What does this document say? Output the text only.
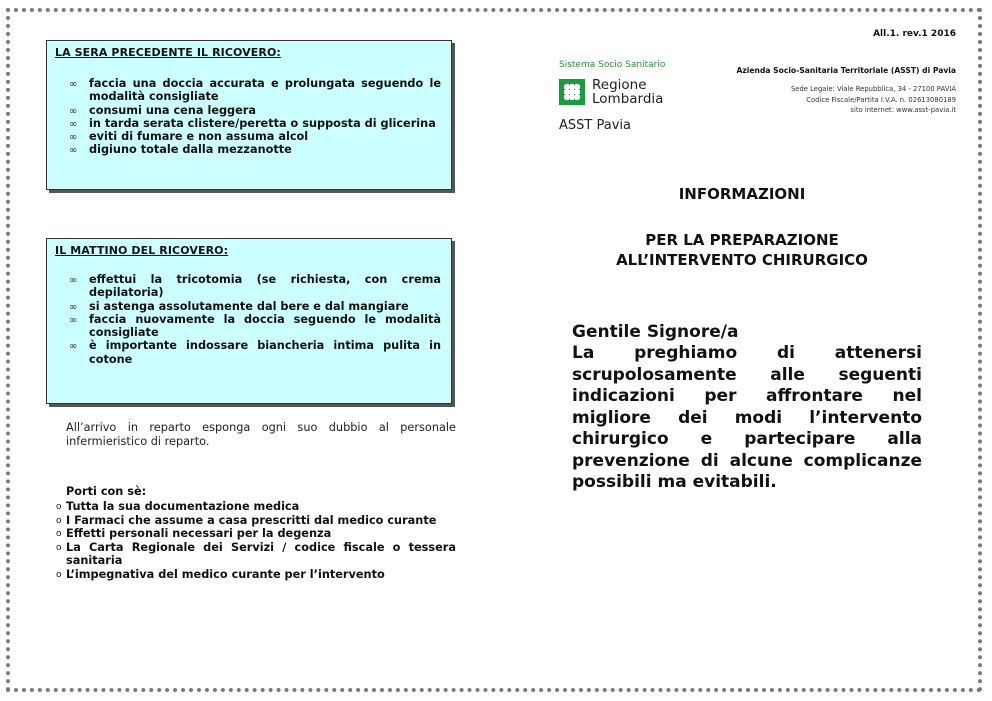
LA SERA PRECEDENTE IL RICOVERO:
∞ faccia una doccia accurata e prolungata seguendo le modalità consigliate
∞ consumi una cena leggera
∞ in tarda serata clistere/peretta o supposta di glicerina
∞ eviti di fumare e non assuma alcol
∞ digiuno totale dalla mezzanotte
IL MATTINO DEL RICOVERO:
∞ effettui la tricotomia (se richiesta, con crema depilatoria)
∞ si astenga assolutamente dal bere e dal mangiare
∞ faccia nuovamente la doccia seguendo le modalità consigliate
∞ è importante indossare biancheria intima pulita in cotone
All’arrivo in reparto esponga ogni suo dubbio al personale infermieristico di reparto.
Porti con sè:
o Tutta la sua documentazione medica
o I Farmaci che assume a casa prescritti dal medico curante
o Effetti personali necessari per la degenza
o La Carta Regionale dei Servizi / codice fiscale o tessera sanitaria
o L’impegnativa del medico curante per l’intervento
All.1. rev.1 2016
Sistema Socio Sanitario
Regione
Lombardia
ASST Pavia
Azienda Socio-Sanitaria Territoriale (ASST) di Pavia
Sede Legale: Viale Repubblica, 34 - 27100 PAVIA
Codice Fiscale/Partita I.V.A. n. 02613080189
sito internet: www.asst-pavia.it
INFORMAZIONI
PER LA PREPARAZIONE
ALL’INTERVENTO CHIRURGICO
Gentile Signore/a
La preghiamo di attenersi scrupolosamente alle seguenti indicazioni per affrontare nel migliore dei modi l’intervento chirurgico e partecipare alla prevenzione di alcune complicanze possibili ma evitabili.
